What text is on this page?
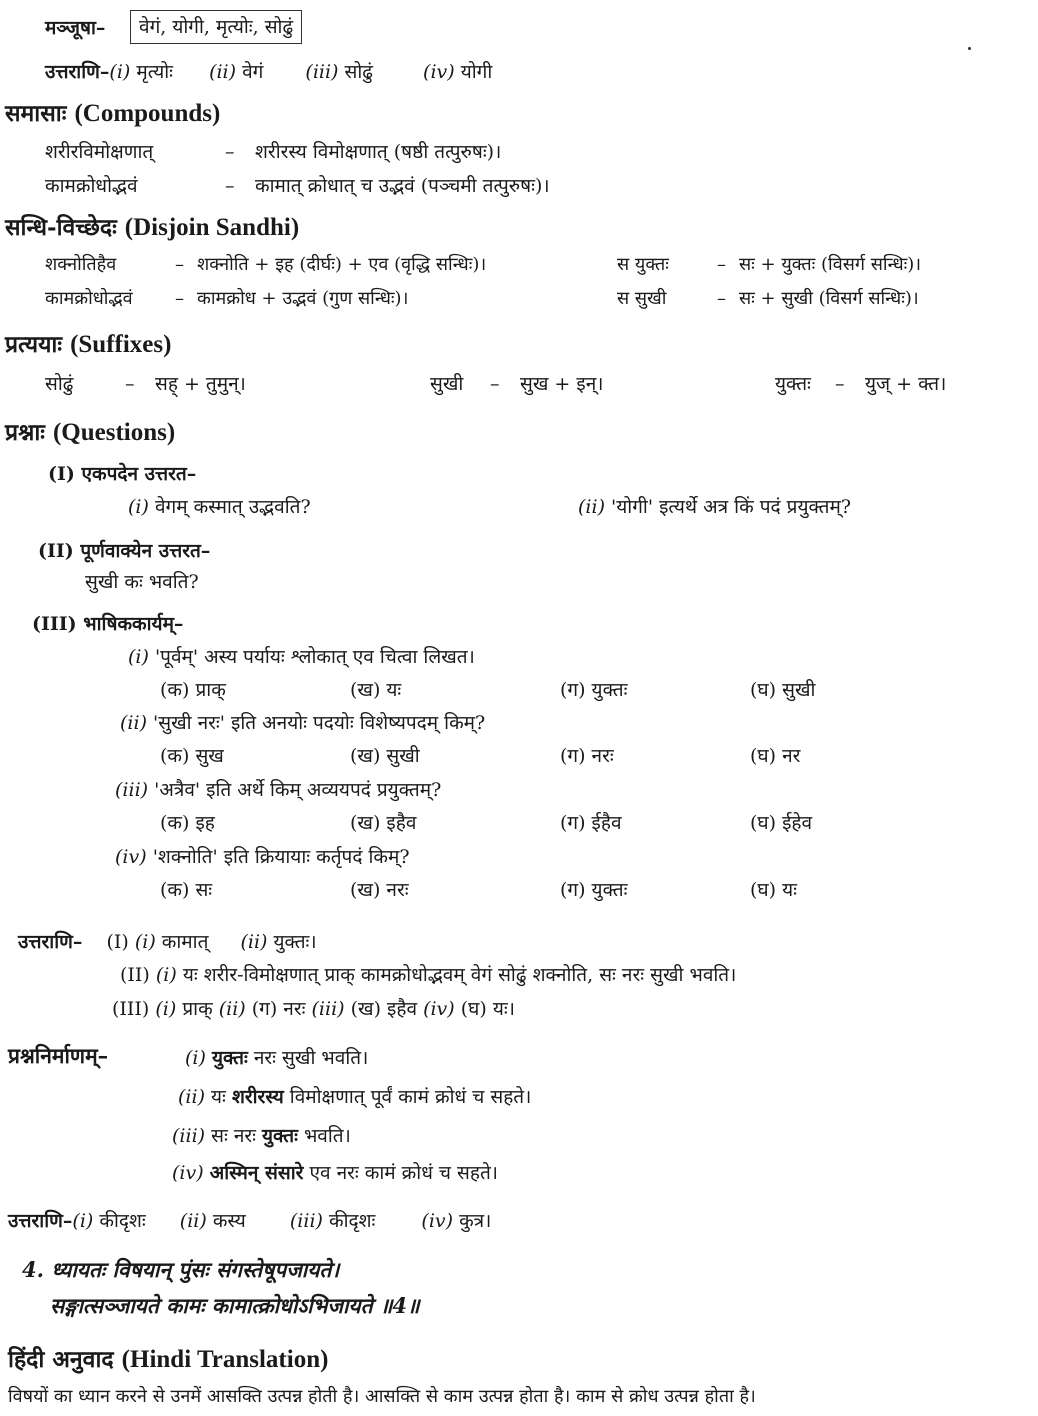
मञ्जूषा–	वेगं, योगी, मृत्योः, सोढुं
उत्तराणि–(i) मृत्योः (ii) वेगं (iii) सोढुं	(iv) योगी
समासाः (Compounds)
शरीरविमोक्षणात्	– शरीरस्य विमोक्षणात् (षष्ठी तत्पुरुषः)।
कामक्रोधोद्भवं	– कामात् क्रोधात् च उद्भवं (पञ्चमी तत्पुरुषः)।
सन्धि-विच्छेदः (Disjoin Sandhi)
शक्नोतिहैव	– शक्नोति + इह (दीर्घः) + एव (वृद्धि सन्धिः)।	स युक्तः	– सः + युक्तः (विसर्ग सन्धिः)।
कामक्रोधोद्भवं – कामक्रोध + उद्भवं (गुण सन्धिः)।	स सुखी	– सः + सुखी (विसर्ग सन्धिः)।
प्रत्ययाः (Suffixes)
सोढुं	– सह् + तुमुन्।	सुखी – सुख + इन्।	युक्तः – युज् + क्त।
प्रश्नाः (Questions)
(I) एकपदेन उत्तरत–
(i) वेगम् कस्मात् उद्भवति?	(ii) 'योगी' इत्यर्थे अत्र किं पदं प्रयुक्तम्?
(II) पूर्णवाक्येन उत्तरत–
सुखी कः भवति?
(III) भाषिककार्यम्–
(i) 'पूर्वम्' अस्य पर्यायः श्लोकात् एव चित्वा लिखत।
(क) प्राक्	(ख) यः	(ग) युक्तः	(घ) सुखी
(ii) 'सुखी नरः' इति अनयोः पदयोः विशेष्यपदम् किम्?
(क) सुख	(ख) सुखी	(ग) नरः	(घ) नर
(iii) 'अत्रैव' इति अर्थे किम् अव्ययपदं प्रयुक्तम्?
(क) इह	(ख) इहैव	(ग) ईहैव	(घ) ईहेव
(iv) 'शक्नोति' इति क्रियायाः कर्तृपदं किम्?
(क) सः	(ख) नरः	(ग) युक्तः	(घ) यः
उत्तराणि– (I) (i) कामात् (ii) युक्तः।
(II) (i) यः शरीर-विमोक्षणात् प्राक् कामक्रोधोद्भवम् वेगं सोढुं शक्नोति, सः नरः सुखी भवति।
(III) (i) प्राक् (ii) (ग) नरः (iii) (ख) इहैव (iv) (घ) यः।
प्रश्ननिर्माणम्–	(i) युक्तः नरः सुखी भवति।
(ii) यः शरीरस्य विमोक्षणात् पूर्वं कामं क्रोधं च सहते।
(iii) सः नरः युक्तः भवति।
(iv) अस्मिन् संसारे एव नरः कामं क्रोधं च सहते।
उत्तराणि–(i) कीदृशः (ii) कस्य (iii) कीदृशः (iv) कुत्र।
4. ध्यायतः विषयान् पुंसः संगस्तेषूपजायते।
सङ्गात्सञ्जायते कामः कामात्क्रोधोऽभिजायते ॥4॥
हिंदी अनुवाद (Hindi Translation)
विषयों का ध्यान करने से उनमें आसक्ति उत्पन्न होती है। आसक्ति से काम उत्पन्न होता है। काम से क्रोध उत्पन्न होता है।
